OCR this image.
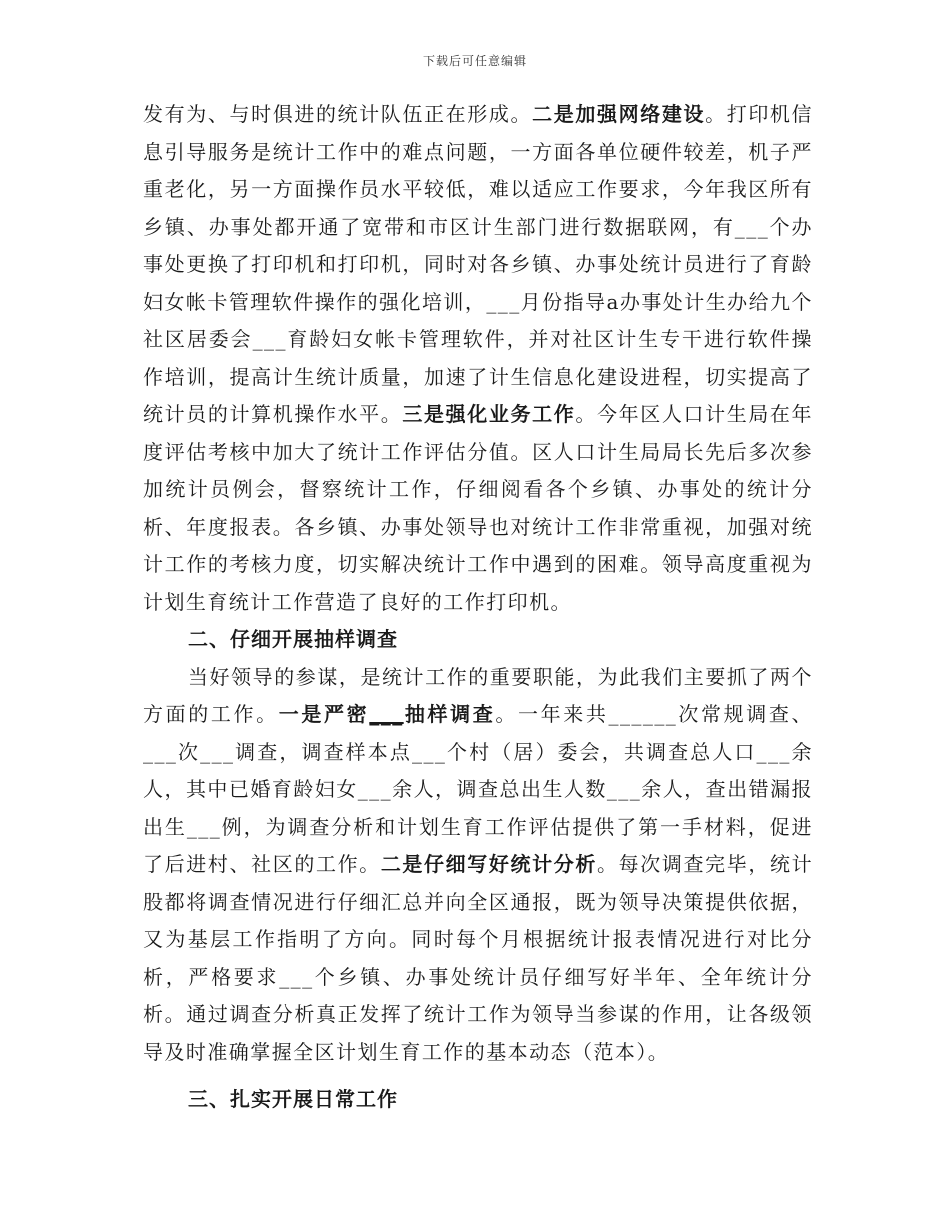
下载后可任意编辑

发有为、与时俱进的统计队伍正在形成。二是加强网络建设。打印机信息引导服务是统计工作中的难点问题，一方面各单位硬件较差，机子严重老化，另一方面操作员水平较低，难以适应工作要求，今年我区所有乡镇、办事处都开通了宽带和市区计生部门进行数据联网，有___个办事处更换了打印机和打印机，同时对各乡镇、办事处统计员进行了育龄妇女帐卡管理软件操作的强化培训，___月份指导a办事处计生办给九个社区居委会___育龄妇女帐卡管理软件，并对社区计生专干进行软件操作培训，提高计生统计质量，加速了计生信息化建设进程，切实提高了统计员的计算机操作水平。三是强化业务工作。今年区人口计生局在年度评估考核中加大了统计工作评估分值。区人口计生局局长先后多次参加统计员例会，督察统计工作，仔细阅看各个乡镇、办事处的统计分析、年度报表。各乡镇、办事处领导也对统计工作非常重视，加强对统计工作的考核力度，切实解决统计工作中遇到的困难。领导高度重视为计划生育统计工作营造了良好的工作打印机。

二、仔细开展抽样调查

当好领导的参谋，是统计工作的重要职能，为此我们主要抓了两个方面的工作。一是严密___抽样调查。一年来共______次常规调查、___次___调查，调查样本点___个村（居）委会，共调查总人口___余人，其中已婚育龄妇女___余人，调查总出生人数___余人，查出错漏报出生___例，为调查分析和计划生育工作评估提供了第一手材料，促进了后进村、社区的工作。二是仔细写好统计分析。每次调查完毕，统计股都将调查情况进行仔细汇总并向全区通报，既为领导决策提供依据，又为基层工作指明了方向。同时每个月根据统计报表情况进行对比分析，严格要求___个乡镇、办事处统计员仔细写好半年、全年统计分析。通过调查分析真正发挥了统计工作为领导当参谋的作用，让各级领导及时准确掌握全区计划生育工作的基本动态（范本）。

三、扎实开展日常工作
